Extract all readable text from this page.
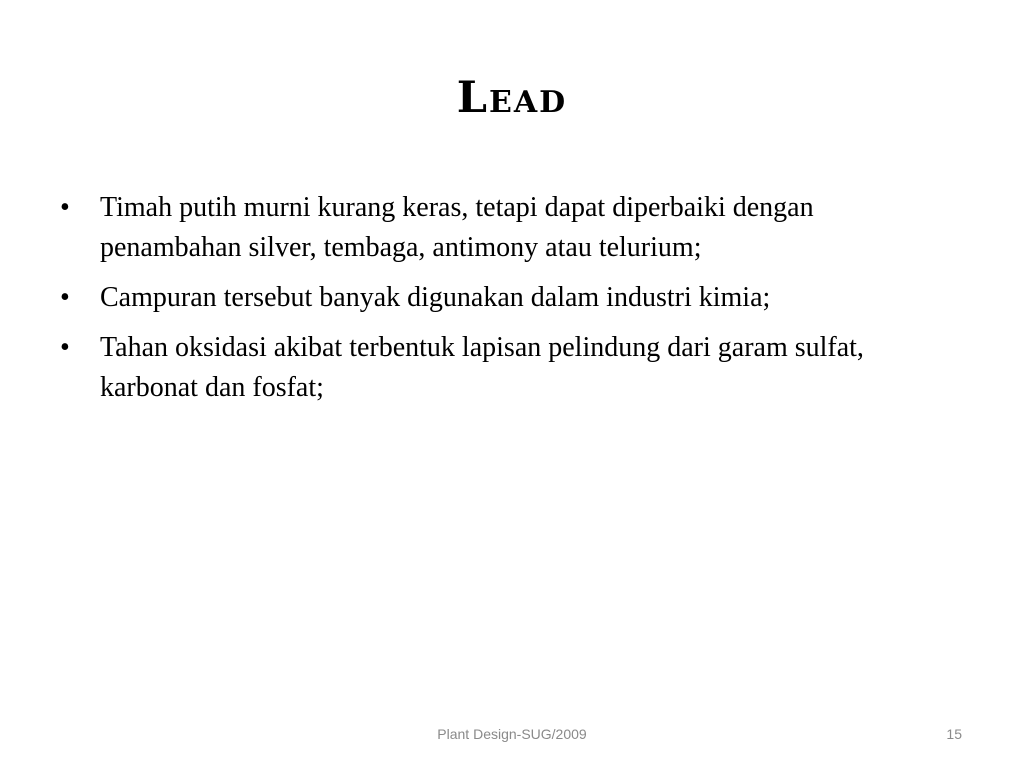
Lead
•	Timah putih murni kurang keras, tetapi dapat diperbaiki dengan penambahan silver, tembaga, antimony atau telurium;
•	Campuran tersebut banyak digunakan dalam industri kimia;
•	Tahan oksidasi akibat terbentuk lapisan pelindung dari garam sulfat, karbonat dan fosfat;
Plant Design-SUG/2009	15
